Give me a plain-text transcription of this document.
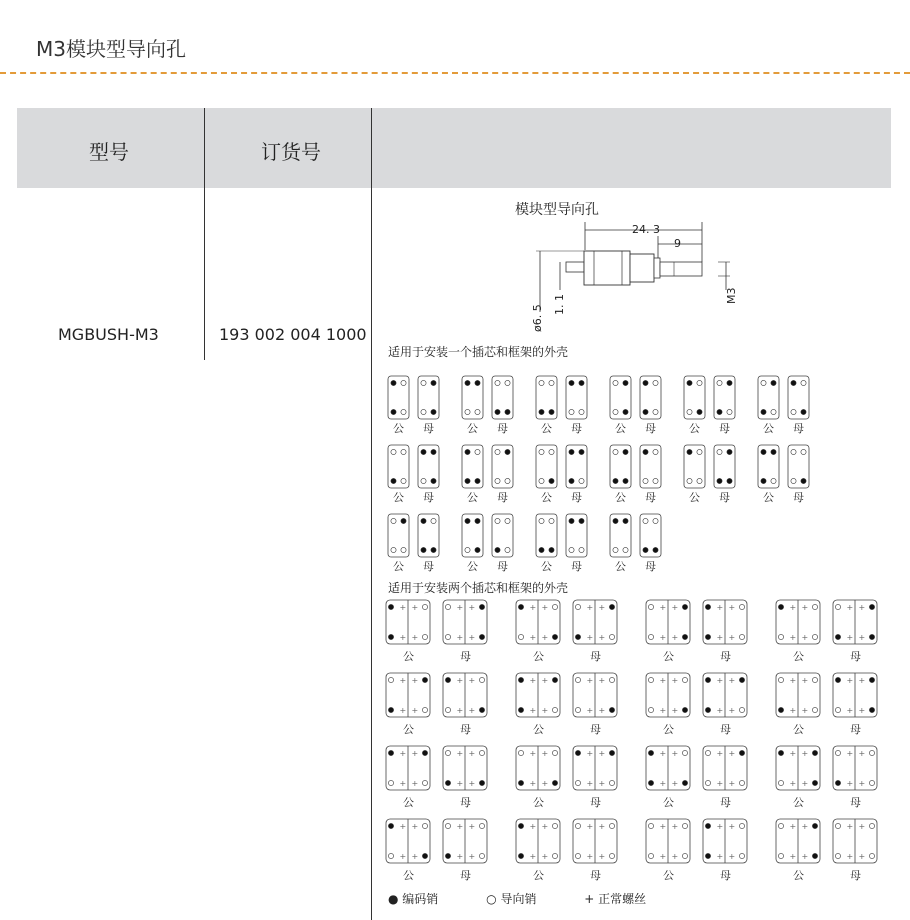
M3模块型导向孔
型号	订货号
MGBUSH-M3	193 002 004 1000
适用于安装一个插芯和框架的外壳
适用于安装两个插芯和框架的外壳
模块型导向孔
24. 3
9
ø6. 5 1. 1	M3
公 母	公 母	公 母	公 母	公 母	公 母
公 母	公 母	公 母	公 母	公 母	公 母
公 母	公 母	公 母	公 母
+ +
+ +
公
+ +
+ +
母
+ +
+ +
公
+ +
+ +
母
+ +
+ +
公
+ +
+ +
母
+ +
+ +
公
+ +
+ +
母
+ +
+ +
公
+ +
+ +
母
+ +
+ +
公
+ +
+ +
母
+ +
+ +
公
+ +
+ +
母
+ +
+ +
公
+ +
+ +
母
+ +
+ +
公
+ +
+ +
母
+ +
+ +
公
+ +
+ +
母
+ +
+ +
公
+ +
+ +
母
+ +
+ +
公
+ +
+ +
母
+ +
+ +
公
+ +
+ +
母
+ +
+ +
公
+ +
+ +
母
+ +
+ +
公
+ +
+ +
母
+ +
+ +
公
+ +
+ +
母
● 编码销	○ 导向销	+ 正常螺丝
